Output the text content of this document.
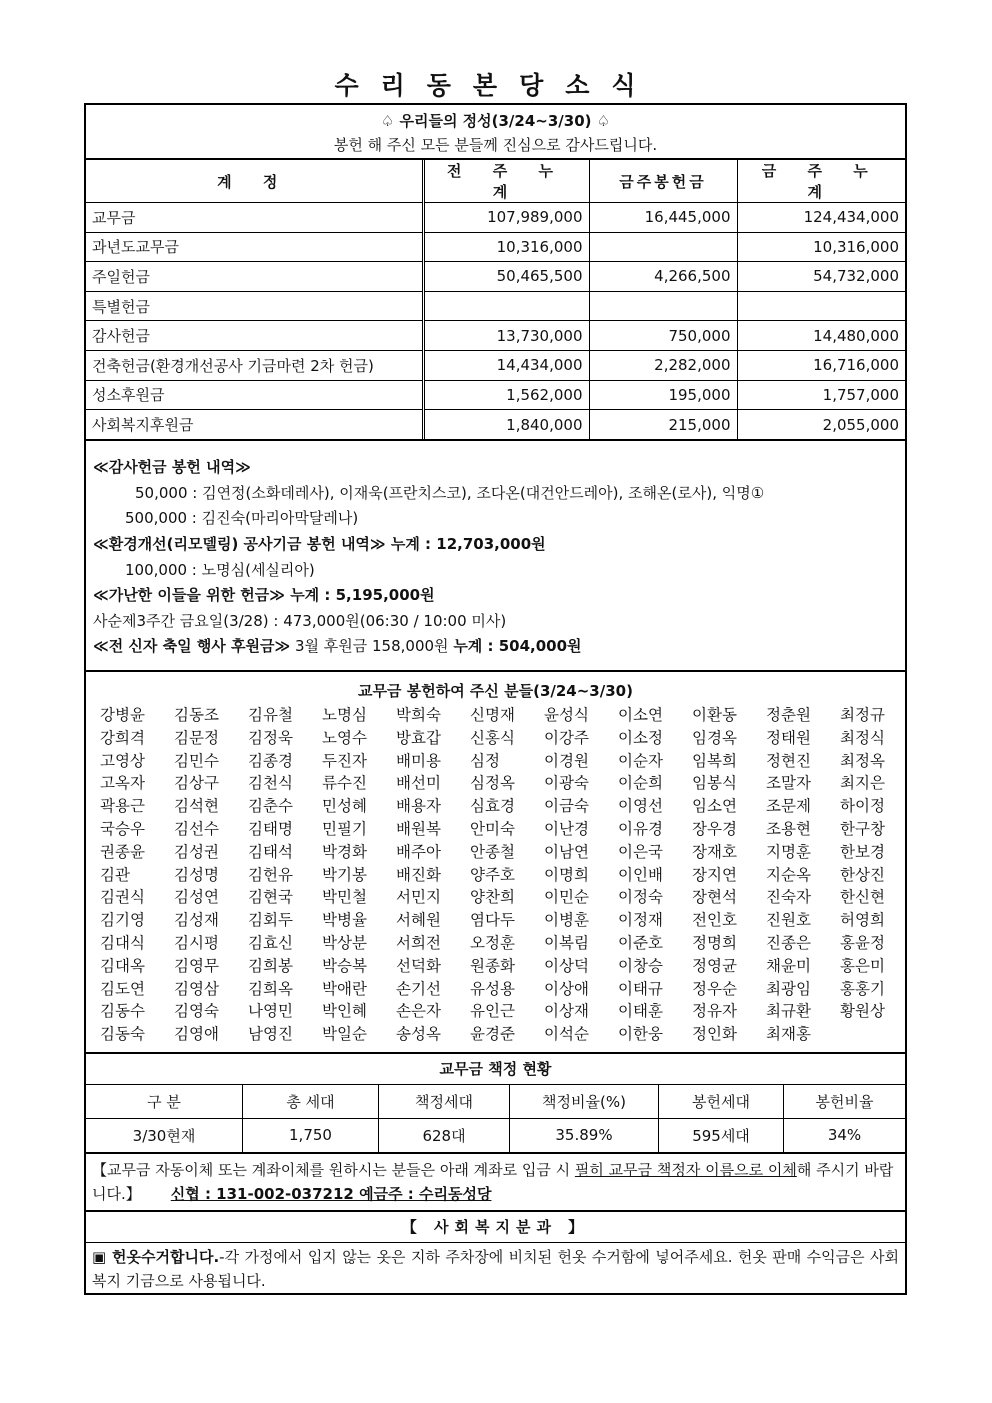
수리동본당소식
♤ 우리들의 정성(3/24~3/30) ♤
봉헌 해 주신 모든 분들께 진심으로 감사드립니다.
계 정	전 주 누 계	금주봉헌금	금 주 누 계
교무금	107,989,000	16,445,000	124,434,000
과년도교무금	10,316,000		10,316,000
주일헌금	50,465,500	4,266,500	54,732,000
특별헌금			
감사헌금	13,730,000	750,000	14,480,000
건축헌금(환경개선공사 기금마련 2차 헌금)	14,434,000	2,282,000	16,716,000
성소후원금	1,562,000	195,000	1,757,000
사회복지후원금	1,840,000	215,000	2,055,000
≪감사헌금 봉헌 내역≫
50,000 : 김연정(소화데레사), 이재욱(프란치스코), 조다온(대건안드레아), 조해온(로사), 익명①
500,000 : 김진숙(마리아막달레나)
≪환경개선(리모델링) 공사기금 봉헌 내역≫ 누계 : 12,703,000원
100,000 : 노명심(세실리아)
≪가난한 이들을 위한 헌금≫ 누계 : 5,195,000원
사순제3주간 금요일(3/28) : 473,000원(06:30 / 10:00 미사)
≪전 신자 축일 행사 후원금≫ 3월 후원금 158,000원 누계 : 504,000원
교무금 봉헌하여 주신 분들(3/24~3/30)
강병윤	김동조	김유철	노명심	박희숙	신명재	윤성식	이소연	이환동	정춘원	최정규
강희격	김문정	김정욱	노영수	방효갑	신홍식	이강주	이소정	임경옥	정태원	최정식
고영상	김민수	김종경	두진자	배미용	심정	이경원	이순자	임복희	정현진	최정옥
고옥자	김상구	김천식	류수진	배선미	심정옥	이광숙	이순희	임봉식	조말자	최지은
곽용근	김석현	김춘수	민성혜	배용자	심효경	이금숙	이영선	임소연	조문제	하이정
국승우	김선수	김태명	민필기	배원복	안미숙	이난경	이유경	장우경	조용현	한구창
권종윤	김성권	김태석	박경화	배주아	안종철	이남연	이은국	장재호	지명훈	한보경
김관	김성명	김헌유	박기봉	배진화	양주호	이명희	이인배	장지연	지순옥	한상진
김권식	김성연	김현국	박민철	서민지	양찬희	이민순	이정숙	장현석	진숙자	한신현
김기영	김성재	김회두	박병율	서혜원	염다두	이병훈	이정재	전인호	진원호	허영희
김대식	김시평	김효신	박상분	서희전	오정훈	이복림	이준호	정명희	진종은	홍윤정
김대옥	김영무	김희봉	박승복	선덕화	원종화	이상덕	이창승	정영균	채윤미	홍은미
김도연	김영삼	김희옥	박애란	손기선	유성용	이상애	이태규	정우순	최광임	홍홍기
김동수	김영숙	나영민	박인혜	손은자	유인근	이상재	이태훈	정유자	최규환	황원상
김동숙	김영애	남영진	박일순	송성옥	윤경준	이석순	이한웅	정인화	최재홍
교무금 책정 현황
구 분	총 세대	책정세대	책정비율(%)	봉헌세대	봉헌비율
3/30현재	1,750	628대	35.89%	595세대	34%
【교무금 자동이체 또는 계좌이체를 원하시는 분들은 아래 계좌로 입금 시 필히 교무금 책정자 이름으로 이체해 주시기 바랍니다.】 신협 : 131-002-037212 예금주 : 수리동성당
【 사회복지분과 】
▣ 헌옷수거합니다.-각 가정에서 입지 않는 옷은 지하 주차장에 비치된 헌옷 수거함에 넣어주세요. 헌옷 판매 수익금은 사회복지 기금으로 사용됩니다.
